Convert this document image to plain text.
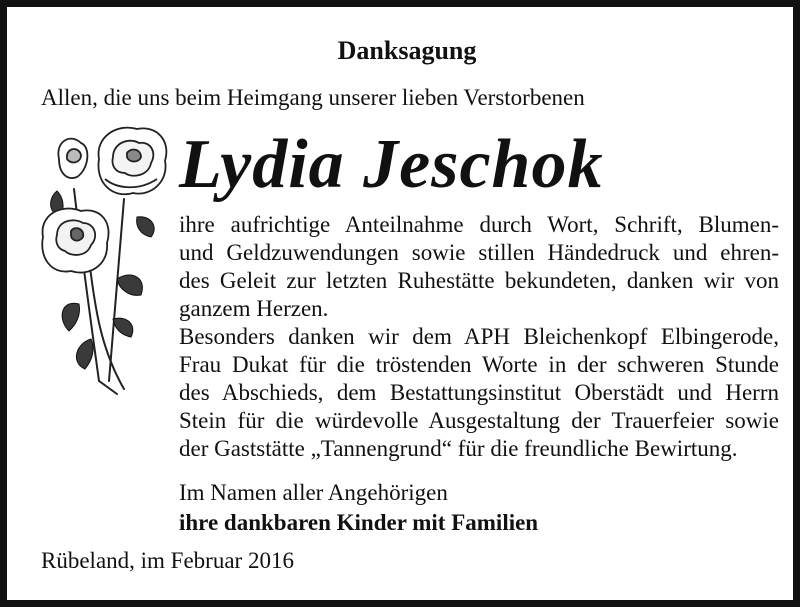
Danksagung
Allen, die uns beim Heimgang unserer lieben Verstorbenen
Lydia Jeschok
ihre aufrichtige Anteilnahme durch Wort, Schrift, Blumen-
und Geldzuwendungen sowie stillen Händedruck und ehren-
des Geleit zur letzten Ruhestätte bekundeten, danken wir von
ganzem Herzen.
Besonders danken wir dem APH Bleichenkopf Elbingerode,
Frau Dukat für die tröstenden Worte in der schweren Stunde
des Abschieds, dem Bestattungsinstitut Oberstädt und Herrn
Stein für die würdevolle Ausgestaltung der Trauerfeier sowie
der Gaststätte „Tannengrund“ für die freundliche Bewirtung.
Im Namen aller Angehörigen
ihre dankbaren Kinder mit Familien
Rübeland, im Februar 2016
